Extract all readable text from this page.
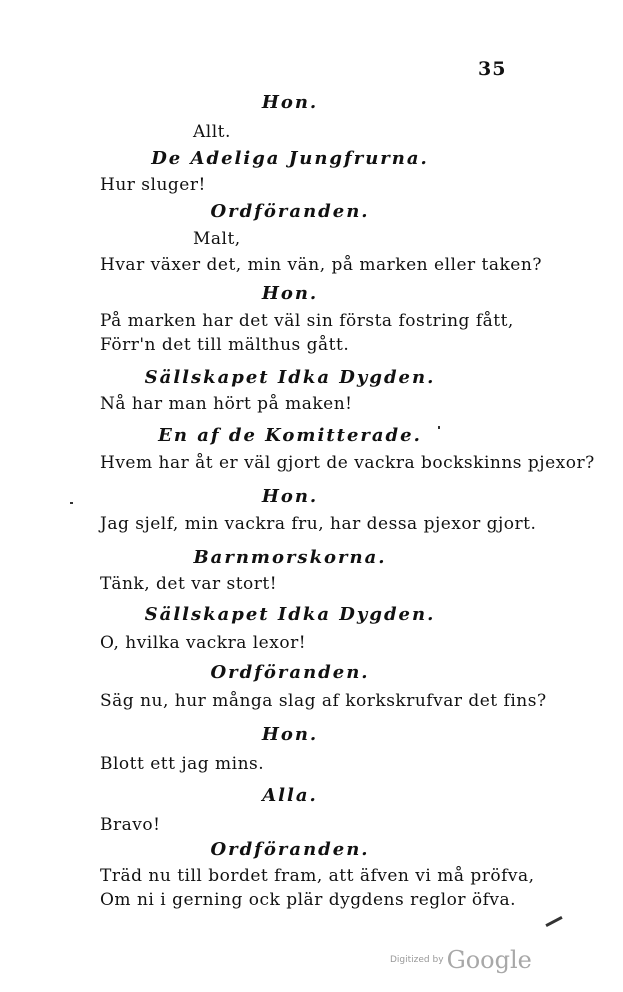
35
Hon.
Allt.
De Adeliga Jungfrurna.
Hur sluger!
Ordföranden.
Malt,
Hvar växer det, min vän, på marken eller taken?
Hon.
På marken har det väl sin första fostring fått,
Förr'n det till mälthus gått.
Sällskapet Idka Dygden.
Nå har man hört på maken!
En af de Komitterade.
Hvem har åt er väl gjort de vackra bockskinns pjexor?
Hon.
Jag sjelf, min vackra fru, har dessa pjexor gjort.
Barnmorskorna.
Tänk, det var stort!
Sällskapet Idka Dygden.
O, hvilka vackra lexor!
Ordföranden.
Säg nu, hur många slag af korkskrufvar det fins?
Hon.
Blott ett jag mins.
Alla.
Bravo!
Ordföranden.
Träd nu till bordet fram, att äfven vi må pröfva,
Om ni i gerning ock plär dygdens reglor öfva.
Digitized by Google
